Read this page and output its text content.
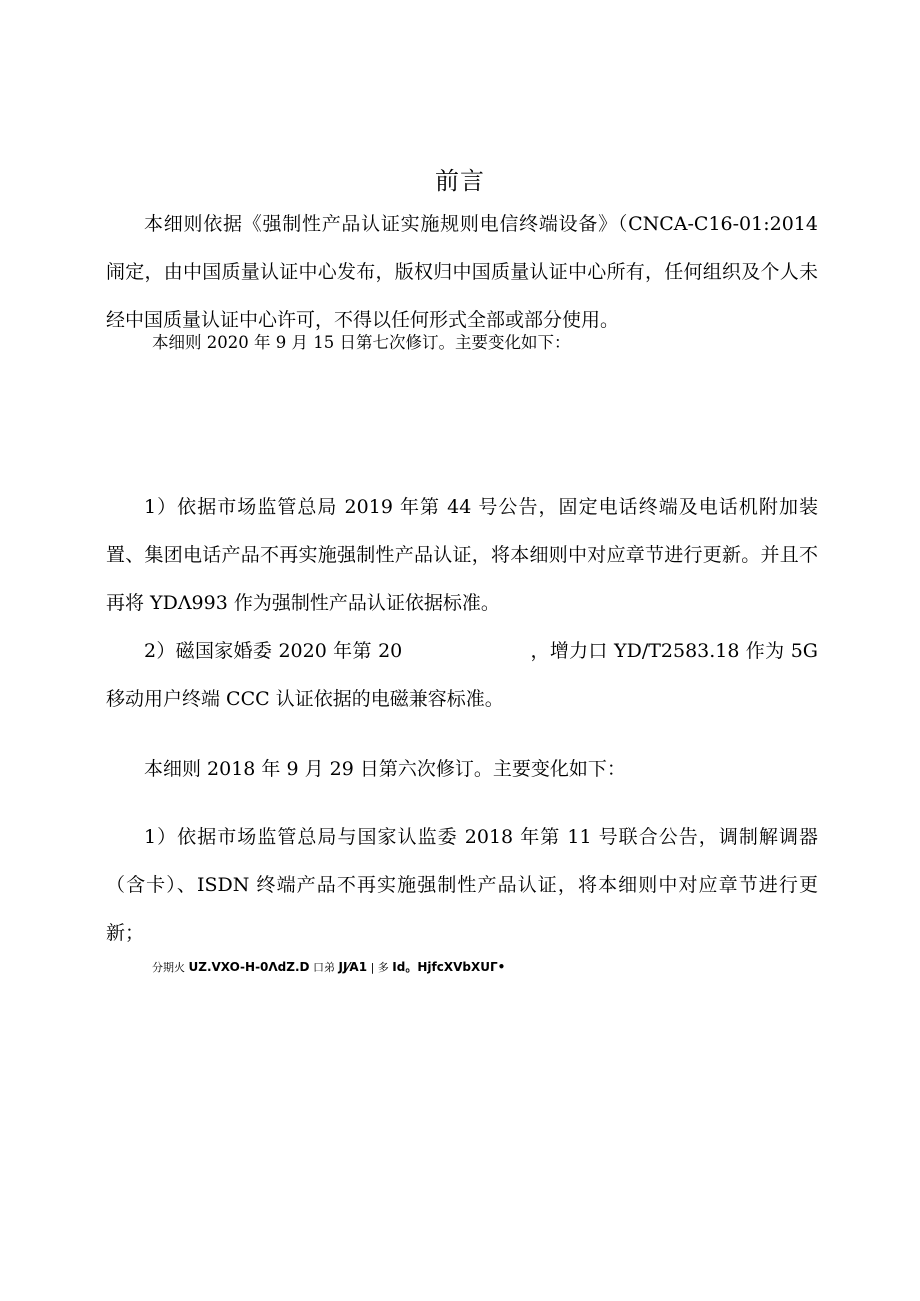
前言

本细则依据《强制性产品认证实施规则电信终端设备》（CNCA-C16-01:2014 闹定，由中国质量认证中心发布，版权归中国质量认证中心所有，任何组织及个人未经中国质量认证中心许可，不得以任何形式全部或部分使用。

本细则 2020 年 9 月 15 日第七次修订。主要变化如下：

1）依据市场监管总局 2019 年第 44 号公告，固定电话终端及电话机附加装置、集团电话产品不再实施强制性产品认证，将本细则中对应章节进行更新。并且不再将 YDΛ993 作为强制性产品认证依据标准。

2）磁国家婚委 2020 年第 20	，增力口 YD/T2583.18 作为 5G 移动用户终端 CCC 认证依据的电磁兼容标准。

本细则 2018 年 9 月 29 日第六次修订。主要变化如下：

1）依据市场监管总局与国家认监委 2018 年第 11 号联合公告，调制解调器（含卡）、ISDN 终端产品不再实施强制性产品认证，将本细则中对应章节进行更新；

分期火 UZ.VXO-H-0ΛdZ.D 口弟 JJ⁄A1 | 多 Id。HjfcXVbXUΓ•
